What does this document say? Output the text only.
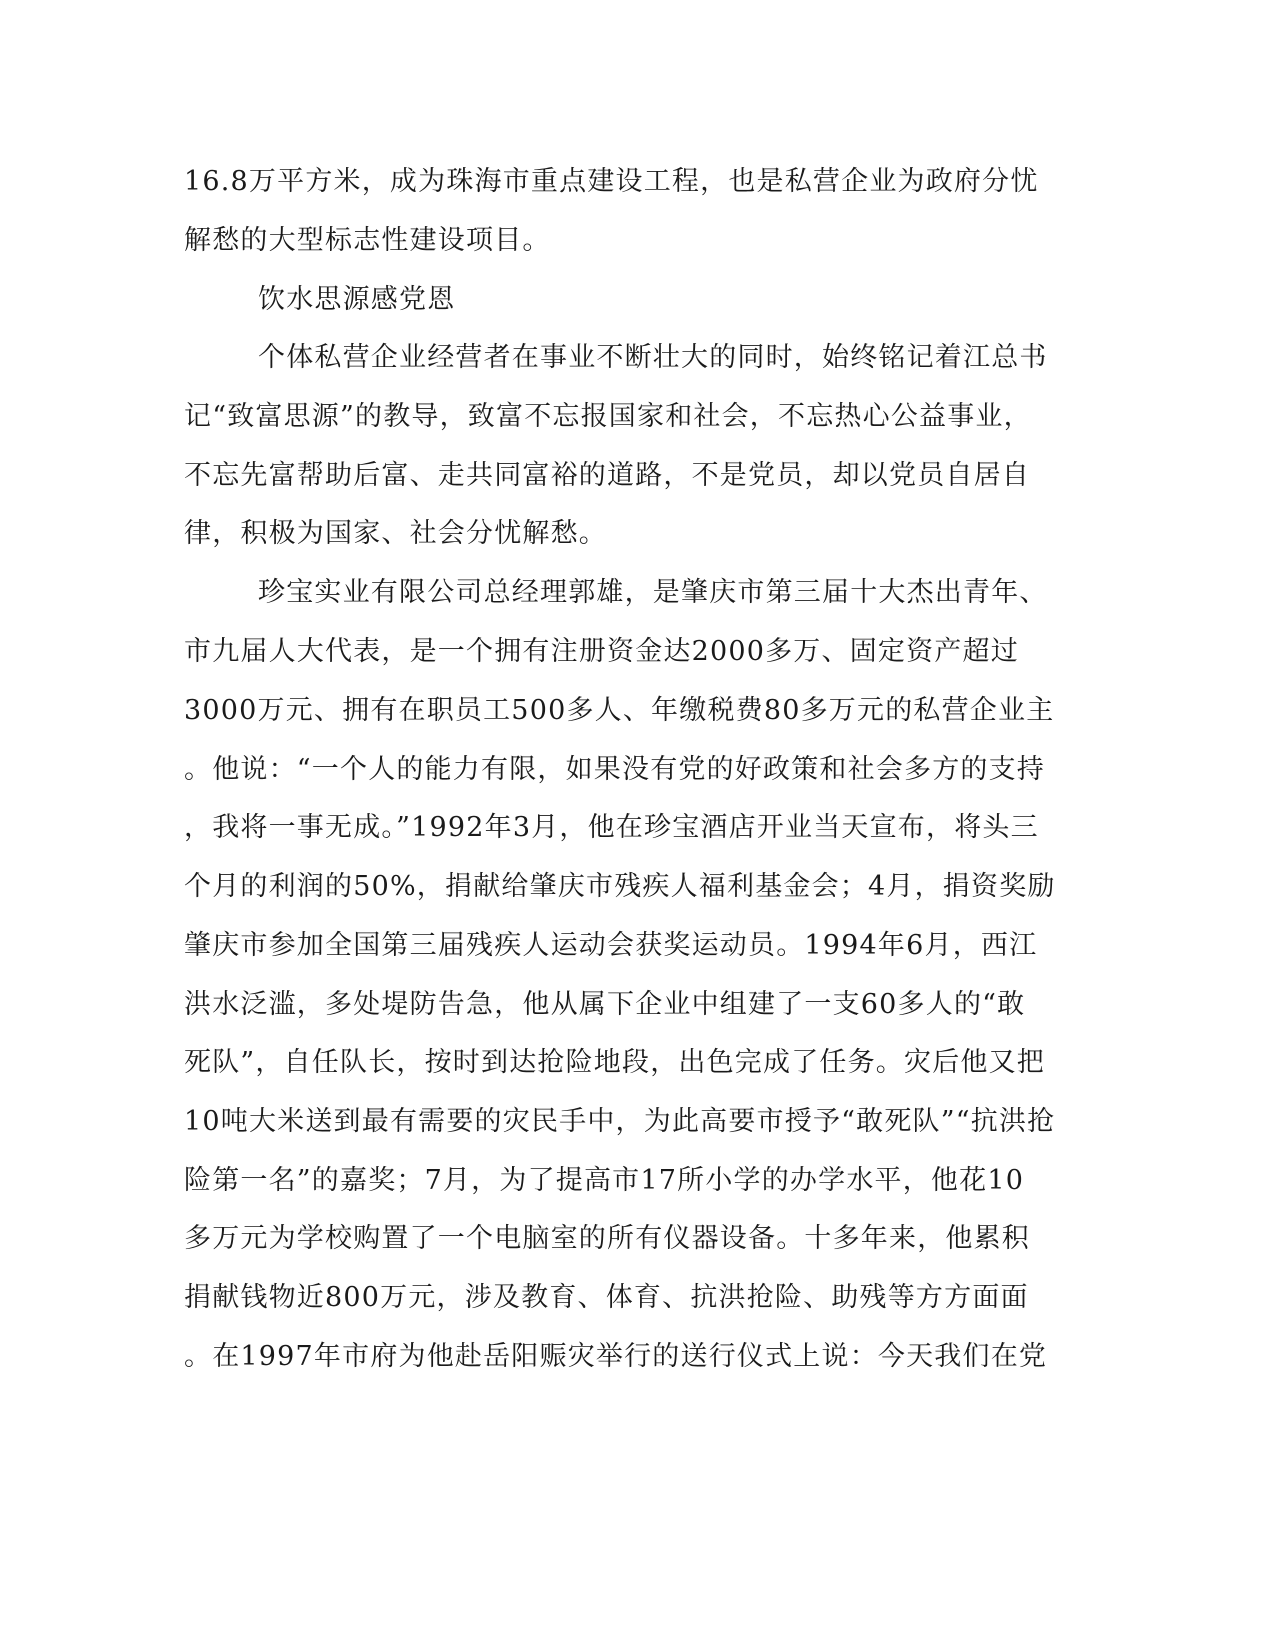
16.8万平方米，成为珠海市重点建设工程，也是私营企业为政府分忧
解愁的大型标志性建设项目。
饮水思源感党恩
个体私营企业经营者在事业不断壮大的同时，始终铭记着江总书
记“致富思源”的教导，致富不忘报国家和社会，不忘热心公益事业，
不忘先富帮助后富、走共同富裕的道路，不是党员，却以党员自居自
律，积极为国家、社会分忧解愁。
珍宝实业有限公司总经理郭雄，是肇庆市第三届十大杰出青年、
市九届人大代表，是一个拥有注册资金达2000多万、固定资产超过
3000万元、拥有在职员工500多人、年缴税费80多万元的私营企业主
。他说：“一个人的能力有限，如果没有党的好政策和社会多方的支持
，我将一事无成。”1992年3月，他在珍宝酒店开业当天宣布，将头三
个月的利润的50%，捐献给肇庆市残疾人福利基金会；4月，捐资奖励
肇庆市参加全国第三届残疾人运动会获奖运动员。1994年6月，西江
洪水泛滥，多处堤防告急，他从属下企业中组建了一支60多人的“敢
死队”，自任队长，按时到达抢险地段，出色完成了任务。灾后他又把
10吨大米送到最有需要的灾民手中，为此高要市授予“敢死队”“抗洪抢
险第一名”的嘉奖；7月，为了提高市17所小学的办学水平，他花10
多万元为学校购置了一个电脑室的所有仪器设备。十多年来，他累积
捐献钱物近800万元，涉及教育、体育、抗洪抢险、助残等方方面面
。在1997年市府为他赴岳阳赈灾举行的送行仪式上说：今天我们在党
